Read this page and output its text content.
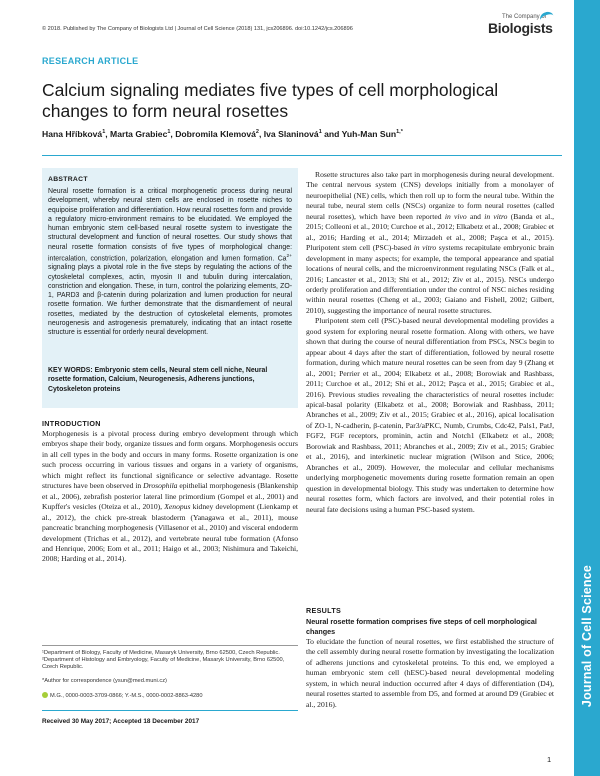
© 2018. Published by The Company of Biologists Ltd | Journal of Cell Science (2018) 131, jcs206896. doi:10.1242/jcs.206896
The Company of
Biologists
Journal of Cell Science
RESEARCH ARTICLE
Calcium signaling mediates five types of cell morphological changes to form neural rosettes
Hana Hříbková$^1$, Marta Grabiec$^1$, Dobromila Klemová$^2$, Iva Slaninová$^1$ and Yuh-Man Sun$^{1,*}$
ABSTRACT
Neural rosette formation is a critical morphogenetic process during neural development, whereby neural stem cells are enclosed in rosette niches to equipoise proliferation and differentiation. How neural rosettes form and provide a regulatory micro-environment remains to be elucidated. We employed the human embryonic stem cell-based neural rosette system to investigate the structural development and function of neural rosettes. Our study shows that neural rosette formation consists of five types of morphological change: intercalation, constriction, polarization, elongation and lumen formation. $Ca^{2+}$ signaling plays a pivotal role in the five steps by regulating the actions of the cytoskeletal complexes, actin, myosin II and tubulin during intercalation, constriction and elongation. These, in turn, control the polarizing elements, ZO-1, PARD3 and β-catenin during polarization and lumen production for neural rosette formation. We further demonstrate that the dismantlement of neural rosettes, mediated by the destruction of cytoskeletal elements, promotes neurogenesis and astrogenesis prematurely, indicating that an intact rosette structure is essential for orderly neural development.
KEY WORDS: Embryonic stem cells, Neural stem cell niche, Neural rosette formation, Calcium, Neurogenesis, Adherens junctions, Cytoskeleton proteins
INTRODUCTION

Morphogenesis is a pivotal process during embryo development through which embryos shape their body, organize tissues and form organs. Morphogenesis occurs in all cell types in the body and occurs in many forms. Rosette organization is one such process occurring in various tissues and organs in a variety of organisms, which might reflect its functional significance or selective advantage. Rosette structures have been observed in Drosophila epithelial morphogenesis (Blankenship et al., 2006), zebrafish posterior lateral line primordium (Gompel et al., 2001) and Kupffer's vesicles (Oteiza et al., 2010), Xenopus kidney development (Lienkamp et al., 2012), the chick pre-streak blastoderm (Yanagawa et al., 2011), mouse pancreatic branching morphogenesis (Villasenor et al., 2010) and visceral endoderm development (Trichas et al., 2012), and vertebrate neural tube formation (Afonso and Henrique, 2006; Eom et al., 2011; Haigo et al., 2003; Nishimura and Takeichi, 2008; Harding et al., 2014).

¹Department of Biology, Faculty of Medicine, Masaryk University, Brno 62500, Czech Republic. ²Department of Histology and Embryology, Faculty of Medicine, Masaryk University, Brno 62500, Czech Republic.
*Author for correspondence (ysun@med.muni.cz)
M.G., 0000-0003-3709-0866; Y.-M.S., 0000-0002-8863-4280
Received 30 May 2017; Accepted 18 December 2017

Rosette structures also take part in morphogenesis during neural development. The central nervous system (CNS) develops initially from a monolayer of neuroepithelial (NE) cells, which then roll up to form the neural tube. Within the neural tube, neural stem cells (NSCs) organize to form neural rosettes (called neural rosettes), which have been reported in vivo and in vitro (Banda et al., 2015; Colleoni et al., 2010; Curchoe et al., 2012; Elkabetz et al., 2008; Grabiec et al., 2016; Harding et al., 2014; Mirzadeh et al., 2008; Paşca et al., 2015). Pluripotent stem cell (PSC)-based in vitro systems recapitulate embryonic brain development in many aspects; for example, the temporal appearance and spatial locations of neural cells, and the microenvironment regulating NSCs (Falk et al., 2016; Lancaster et al., 2013; Shi et al., 2012; Ziv et al., 2015). NSCs undergo orderly proliferation and differentiation under the control of NSC niches residing within neural rosettes (Cheng et al., 2003; Gaiano and Fishell, 2002; Gilbert, 2010), suggesting the importance of neural rosette structures.

Pluripotent stem cell (PSC)-based neural developmental modeling provides a good system for exploring neural rosette formation. Along with others, we have shown that during the course of neural differentiation from PSCs, NSCs begin to appear about 4 days after the start of differentiation, followed by neural rosette formation, during which mature neural rosettes can be seen from day 9 (Zhang et al., 2001; Perrier et al., 2004; Elkabetz et al., 2008; Borowiak and Rashbass, 2011; Curchoe et al., 2012; Shi et al., 2012; Paşca et al., 2015; Grabiec et al., 2016). Previous studies revealing the characteristics of neural rosettes include: apical-basal polarity (Elkabetz et al., 2008; Borowiak and Rashbass, 2011; Abranches et al., 2009; Ziv et al., 2015; Grabiec et al., 2016), apical localisation of ZO-1, N-cadherin, β-catenin, Par3/aPKC, Numb, Crumbs, Cdc42, Pals1, PatJ, FGF2, FGF receptors, prominin, actin and Notch1 (Elkabetz et al., 2008; Borowiak and Rashbass, 2011; Abranches et al., 2009; Ziv et al., 2015; Grabiec et al., 2016), and interkinetic nuclear migration (Wilson and Stice, 2006; Abranches et al., 2009). However, the molecular and cellular mechanisms underlying morphogenetic movements during rosette formation remain an open question in developmental biology. This study was undertaken to determine how neural rosettes form, which factors are involved, and their potential roles in neural fate decisions using a human PSC-based system.

RESULTS
Neural rosette formation comprises five steps of cell morphological changes

To elucidate the function of neural rosettes, we first established the structure of the cell assembly during neural rosette formation by investigating the localization of adherens junctions and cytoskeletal proteins. To this end, we employed a human embryonic stem cell (hESC)-based neural developmental modeling system, in which neural induction occurred after 4 days of differentiation (D4), neural rosettes started to assemble from D5, and formed at around D9 (Grabiec et al., 2016).

1
